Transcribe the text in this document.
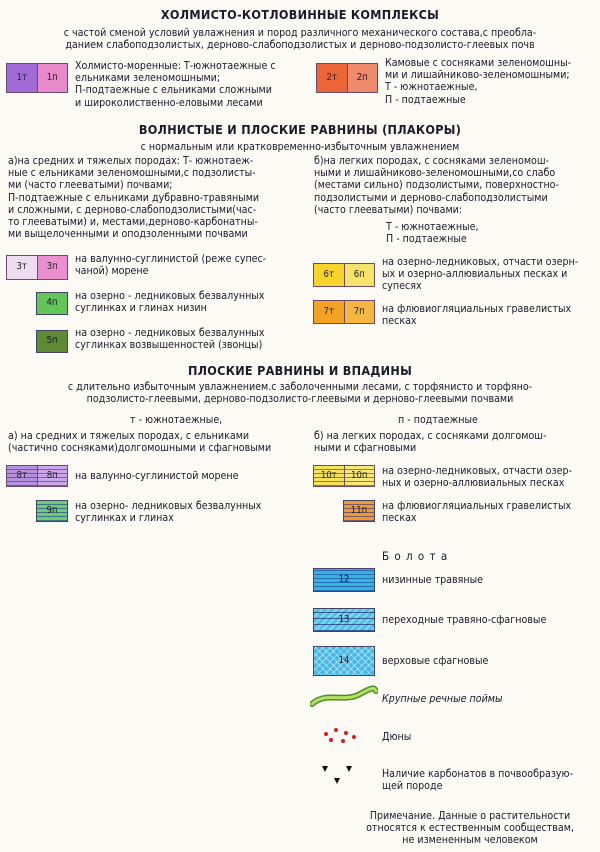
ХОЛМИСТО-КОТЛОВИННЫЕ КОМПЛЕКСЫ
с частой сменой условий увлажнения и пород различного механического состава,с преобла-
данием слабоподзолистых, дерново-слабоподзолистых и дерново-подзолисто-глеевых почв
1т	1п
Холмисто-моренные: Т-южнотаежные с
ельниками зеленомошными;
П-подтаежные с ельниками сложными
и широколиственно-еловыми лесами
2т	2п
Камовые с сосняками зеленомошны-
ми и лишайниково-зеленомошными;
Т - южнотаежные,
П - подтаежные
ВОЛНИСТЫЕ И ПЛОСКИЕ РАВНИНЫ (ПЛАКОРЫ)
с нормальным или кратковременно-избыточным увлажнением
а)на средних и тяжелых породах: Т- южнотаеж-
ные с ельниками зеленомошными,с подзолисты-
ми (часто глееватыми) почвами;
П-подтаежные с ельниками дубравно-травяными
и сложными, с дерново-слабоподзолистыми(час-
то глееватыми) и, местами,дерново-карбонатны-
ми выщелоченными и оподзоленными почвами
б)на легких породах, с сосняками зеленомош-
ными и лишайниково-зеленомошными,со слабо
(местами сильно) подзолистыми, поверхностно-
подзолистыми и дерново-слабоподзолистыми
(часто глееватыми) почвами:
Т - южнотаежные,
П - подтаежные
3т	3п
на валунно-суглинистой (реже супес-
чаной) морене
4п
на озерно - ледниковых безвалунных
суглинках и глинах низин
5п
на озерно - ледниковых безвалунных
суглинках возвышенностей (звонцы)
6т	6п
на озерно-ледниковых, отчасти озерн-
ых и озерно-аллювиальных песках и
супесях
7т	7п	на флювиогляциальных гравелистых
песках
ПЛОСКИЕ РАВНИНЫ И ВПАДИНЫ
с длительно избыточным увлажнением.с заболоченными лесами, с торфянисто и торфяно-
подзолисто-глеевыми, дерново-подзолисто-глеевыми и дерново-глеевыми почвами
т - южнотаежные,	п - подтаежные
а) на средних и тяжелых породах, с ельниками
(частично сосняками)долгомошными и сфагновыми
б) на легких породах, с сосняками долгомош-
ными и сфагновыми
8т	8п	на валунно-суглинистой морене
9п	на озерно- ледниковых безвалунных
суглинках и глинах
10т	10п	на озерно-ледниковых, отчасти озер-
ных и озерно-аллювиальных песках
11п	на флювиогляциальных гравелистых
песках
Б о л о т а
12	низинные травяные
13	переходные травяно-сфагновые
14	верховые сфагновые
Крупные речные поймы
Дюны
Наличие карбонатов в почвообразую-
щей породе
Примечание. Данные о растительности
относятся к естественным сообществам,
не измененным человеком
